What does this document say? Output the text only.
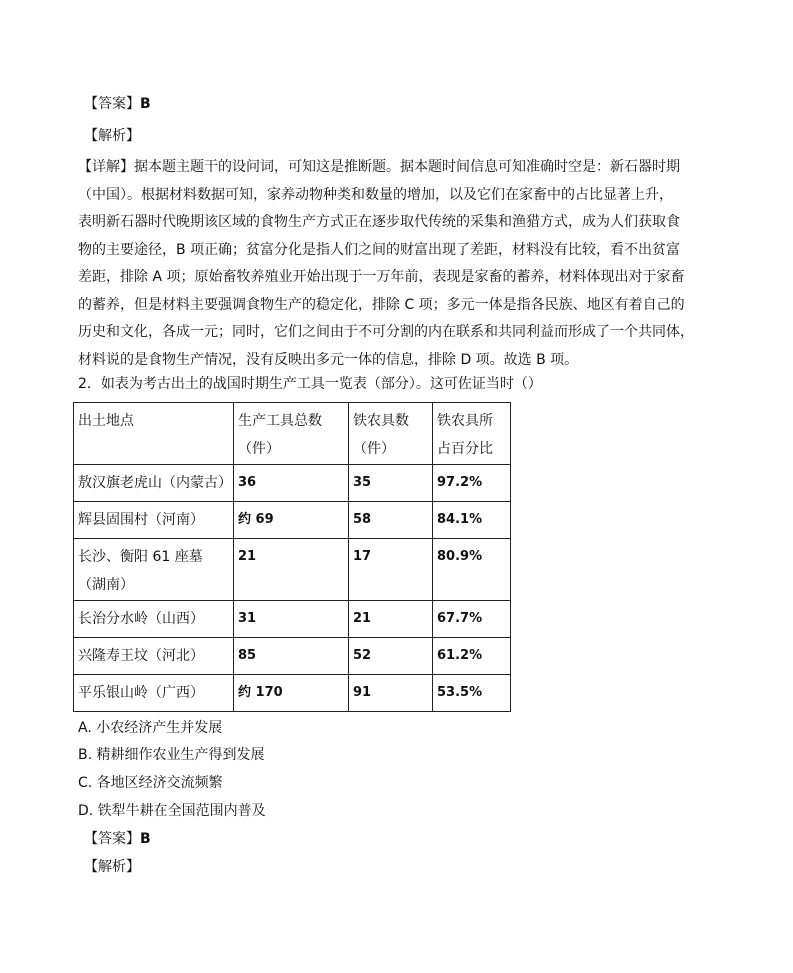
【答案】B
【解析】
【详解】据本题主题干的设问词，可知这是推断题。据本题时间信息可知准确时空是：新石器时期
（中国）。根据材料数据可知，家养动物种类和数量的增加，以及它们在家畜中的占比显著上升，
表明新石器时代晚期该区域的食物生产方式正在逐步取代传统的采集和渔猎方式，成为人们获取食
物的主要途径，B 项正确；贫富分化是指人们之间的财富出现了差距，材料没有比较，看不出贫富
差距，排除 A 项；原始畜牧养殖业开始出现于一万年前，表现是家畜的蓄养，材料体现出对于家畜
的蓄养，但是材料主要强调食物生产的稳定化，排除 C 项；多元一体是指各民族、地区有着自己的
历史和文化，各成一元；同时，它们之间由于不可分割的内在联系和共同利益而形成了一个共同体，
材料说的是食物生产情况，没有反映出多元一体的信息，排除 D 项。故选 B 项。
2．如表为考古出土的战国时期生产工具一览表（部分）。这可佐证当时（）
出土地点	生产工具总数（件）	铁农具数（件）	铁农具所占百分比

敖汉旗老虎山（内蒙古）	36	35	97.2%

辉县固围村（河南）	约 69	58	84.1%

长沙、衡阳 61 座墓（湖南）	21	17	80.9%

长治分水岭（山西）	31	21	67.7%

兴隆寿王坟（河北）	85	52	61.2%

平乐银山岭（广西）	约 170	91	53.5%
A. 小农经济产生并发展
B. 精耕细作农业生产得到发展
C. 各地区经济交流频繁
D. 铁犁牛耕在全国范围内普及
【答案】B
【解析】
